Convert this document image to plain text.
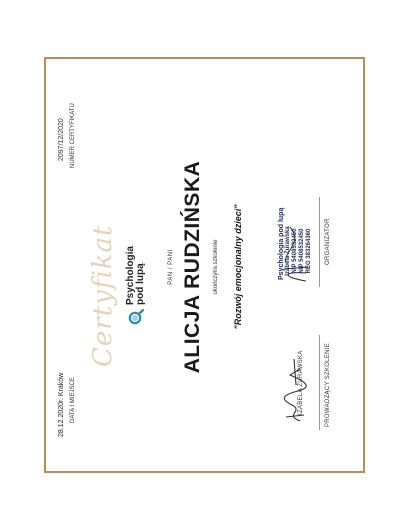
Certyfikat Psychologia pod lupą	PAN / PANI ALICJA RUDZIŃSKA ukończył/a szkolenie "Rozwój emocjonalny dzieci"
28.12.2020r. Kraków DATA I MIEJSCE
2097/12/2020 NUMER CERTYFIKATU
IZABELA ŻURAWSKA	PROWADZĄCY SZKOLENIE
Psychologia pod lupą Izabela Żurawska NIP 5408532450 NIP 5408532450 REG 383264360 ORGANIZATOR
